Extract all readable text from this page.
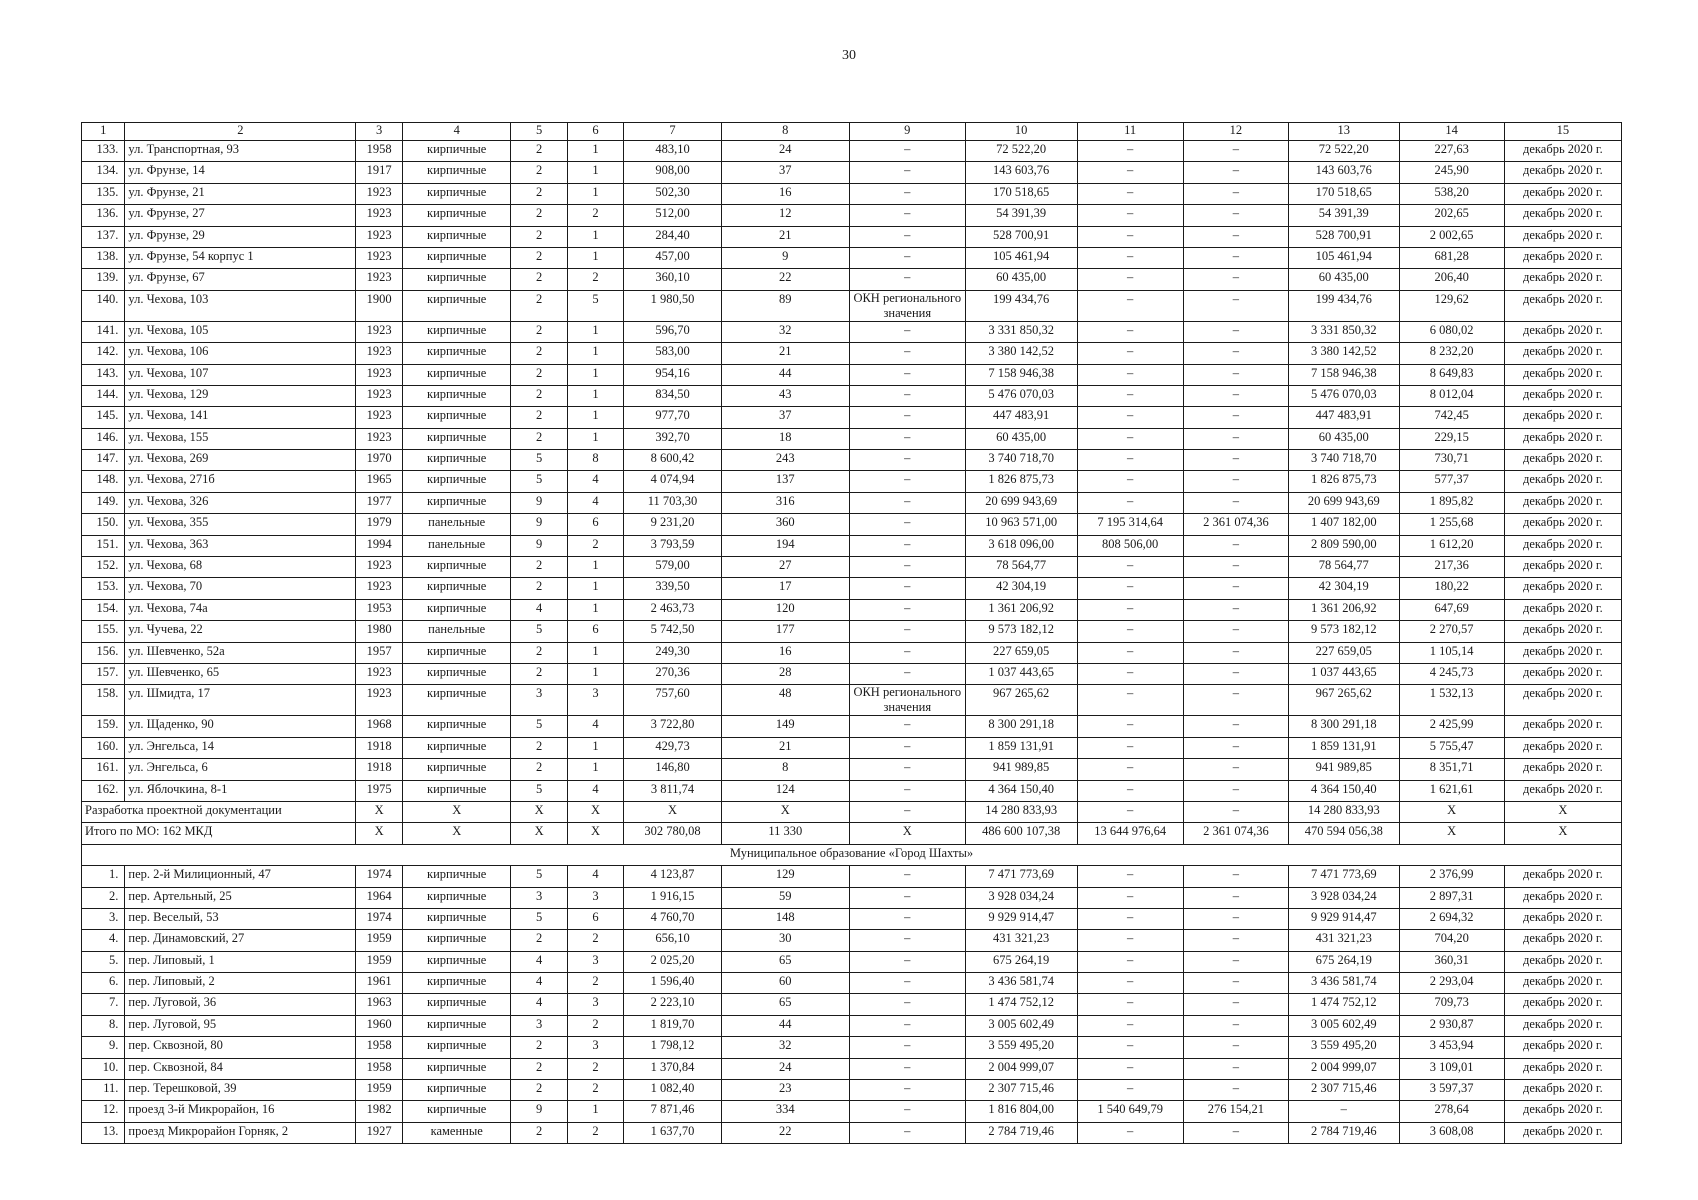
30
1	2	3	4	5	6	7	8	9	10	11	12	13	14	15
133.	ул. Транспортная, 93	1958	кирпичные	2	1	483,10	24	–	72 522,20	–	–	72 522,20	227,63	декабрь 2020 г.
134.	ул. Фрунзе, 14	1917	кирпичные	2	1	908,00	37	–	143 603,76	–	–	143 603,76	245,90	декабрь 2020 г.
135.	ул. Фрунзе, 21	1923	кирпичные	2	1	502,30	16	–	170 518,65	–	–	170 518,65	538,20	декабрь 2020 г.
136.	ул. Фрунзе, 27	1923	кирпичные	2	2	512,00	12	–	54 391,39	–	–	54 391,39	202,65	декабрь 2020 г.
137.	ул. Фрунзе, 29	1923	кирпичные	2	1	284,40	21	–	528 700,91	–	–	528 700,91	2 002,65	декабрь 2020 г.
138.	ул. Фрунзе, 54 корпус 1	1923	кирпичные	2	1	457,00	9	–	105 461,94	–	–	105 461,94	681,28	декабрь 2020 г.
139.	ул. Фрунзе, 67	1923	кирпичные	2	2	360,10	22	–	60 435,00	–	–	60 435,00	206,40	декабрь 2020 г.
140.	ул. Чехова, 103	1900	кирпичные	2	5	1 980,50	89	ОКН регионального значения	199 434,76	–	–	199 434,76	129,62	декабрь 2020 г.
141.	ул. Чехова, 105	1923	кирпичные	2	1	596,70	32	–	3 331 850,32	–	–	3 331 850,32	6 080,02	декабрь 2020 г.
142.	ул. Чехова, 106	1923	кирпичные	2	1	583,00	21	–	3 380 142,52	–	–	3 380 142,52	8 232,20	декабрь 2020 г.
143.	ул. Чехова, 107	1923	кирпичные	2	1	954,16	44	–	7 158 946,38	–	–	7 158 946,38	8 649,83	декабрь 2020 г.
144.	ул. Чехова, 129	1923	кирпичные	2	1	834,50	43	–	5 476 070,03	–	–	5 476 070,03	8 012,04	декабрь 2020 г.
145.	ул. Чехова, 141	1923	кирпичные	2	1	977,70	37	–	447 483,91	–	–	447 483,91	742,45	декабрь 2020 г.
146.	ул. Чехова, 155	1923	кирпичные	2	1	392,70	18	–	60 435,00	–	–	60 435,00	229,15	декабрь 2020 г.
147.	ул. Чехова, 269	1970	кирпичные	5	8	8 600,42	243	–	3 740 718,70	–	–	3 740 718,70	730,71	декабрь 2020 г.
148.	ул. Чехова, 271б	1965	кирпичные	5	4	4 074,94	137	–	1 826 875,73	–	–	1 826 875,73	577,37	декабрь 2020 г.
149.	ул. Чехова, 326	1977	кирпичные	9	4	11 703,30	316	–	20 699 943,69	–	–	20 699 943,69	1 895,82	декабрь 2020 г.
150.	ул. Чехова, 355	1979	панельные	9	6	9 231,20	360	–	10 963 571,00	7 195 314,64	2 361 074,36	1 407 182,00	1 255,68	декабрь 2020 г.
151.	ул. Чехова, 363	1994	панельные	9	2	3 793,59	194	–	3 618 096,00	808 506,00	–	2 809 590,00	1 612,20	декабрь 2020 г.
152.	ул. Чехова, 68	1923	кирпичные	2	1	579,00	27	–	78 564,77	–	–	78 564,77	217,36	декабрь 2020 г.
153.	ул. Чехова, 70	1923	кирпичные	2	1	339,50	17	–	42 304,19	–	–	42 304,19	180,22	декабрь 2020 г.
154.	ул. Чехова, 74а	1953	кирпичные	4	1	2 463,73	120	–	1 361 206,92	–	–	1 361 206,92	647,69	декабрь 2020 г.
155.	ул. Чучева, 22	1980	панельные	5	6	5 742,50	177	–	9 573 182,12	–	–	9 573 182,12	2 270,57	декабрь 2020 г.
156.	ул. Шевченко, 52а	1957	кирпичные	2	1	249,30	16	–	227 659,05	–	–	227 659,05	1 105,14	декабрь 2020 г.
157.	ул. Шевченко, 65	1923	кирпичные	2	1	270,36	28	–	1 037 443,65	–	–	1 037 443,65	4 245,73	декабрь 2020 г.
158.	ул. Шмидта, 17	1923	кирпичные	3	3	757,60	48	ОКН регионального значения	967 265,62	–	–	967 265,62	1 532,13	декабрь 2020 г.
159.	ул. Щаденко, 90	1968	кирпичные	5	4	3 722,80	149	–	8 300 291,18	–	–	8 300 291,18	2 425,99	декабрь 2020 г.
160.	ул. Энгельса, 14	1918	кирпичные	2	1	429,73	21	–	1 859 131,91	–	–	1 859 131,91	5 755,47	декабрь 2020 г.
161.	ул. Энгельса, 6	1918	кирпичные	2	1	146,80	8	–	941 989,85	–	–	941 989,85	8 351,71	декабрь 2020 г.
162.	ул. Яблочкина, 8-1	1975	кирпичные	5	4	3 811,74	124	–	4 364 150,40	–	–	4 364 150,40	1 621,61	декабрь 2020 г.
Разработка проектной документации		X	X	X	X	X	X	–	14 280 833,93	–	–	14 280 833,93	X	X
Итого по МО: 162 МКД		X	X	X	X	302 780,08	11 330	X	486 600 107,38	13 644 976,64	2 361 074,36	470 594 056,38	X	X
Муниципальное образование «Город Шахты»														
1.	пер. 2-й Милиционный, 47	1974	кирпичные	5	4	4 123,87	129	–	7 471 773,69	–	–	7 471 773,69	2 376,99	декабрь 2020 г.
2.	пер. Артельный, 25	1964	кирпичные	3	3	1 916,15	59	–	3 928 034,24	–	–	3 928 034,24	2 897,31	декабрь 2020 г.
3.	пер. Веселый, 53	1974	кирпичные	5	6	4 760,70	148	–	9 929 914,47	–	–	9 929 914,47	2 694,32	декабрь 2020 г.
4.	пер. Динамовский, 27	1959	кирпичные	2	2	656,10	30	–	431 321,23	–	–	431 321,23	704,20	декабрь 2020 г.
5.	пер. Липовый, 1	1959	кирпичные	4	3	2 025,20	65	–	675 264,19	–	–	675 264,19	360,31	декабрь 2020 г.
6.	пер. Липовый, 2	1961	кирпичные	4	2	1 596,40	60	–	3 436 581,74	–	–	3 436 581,74	2 293,04	декабрь 2020 г.
7.	пер. Луговой, 36	1963	кирпичные	4	3	2 223,10	65	–	1 474 752,12	–	–	1 474 752,12	709,73	декабрь 2020 г.
8.	пер. Луговой, 95	1960	кирпичные	3	2	1 819,70	44	–	3 005 602,49	–	–	3 005 602,49	2 930,87	декабрь 2020 г.
9.	пер. Сквозной, 80	1958	кирпичные	2	3	1 798,12	32	–	3 559 495,20	–	–	3 559 495,20	3 453,94	декабрь 2020 г.
10.	пер. Сквозной, 84	1958	кирпичные	2	2	1 370,84	24	–	2 004 999,07	–	–	2 004 999,07	3 109,01	декабрь 2020 г.
11.	пер. Терешковой, 39	1959	кирпичные	2	2	1 082,40	23	–	2 307 715,46	–	–	2 307 715,46	3 597,37	декабрь 2020 г.
12.	проезд 3-й Микрорайон, 16	1982	кирпичные	9	1	7 871,46	334	–	1 816 804,00	1 540 649,79	276 154,21	–	278,64	декабрь 2020 г.
13.	проезд Микрорайон Горняк, 2	1927	каменные	2	2	1 637,70	22	–	2 784 719,46	–	–	2 784 719,46	3 608,08	декабрь 2020 г.
